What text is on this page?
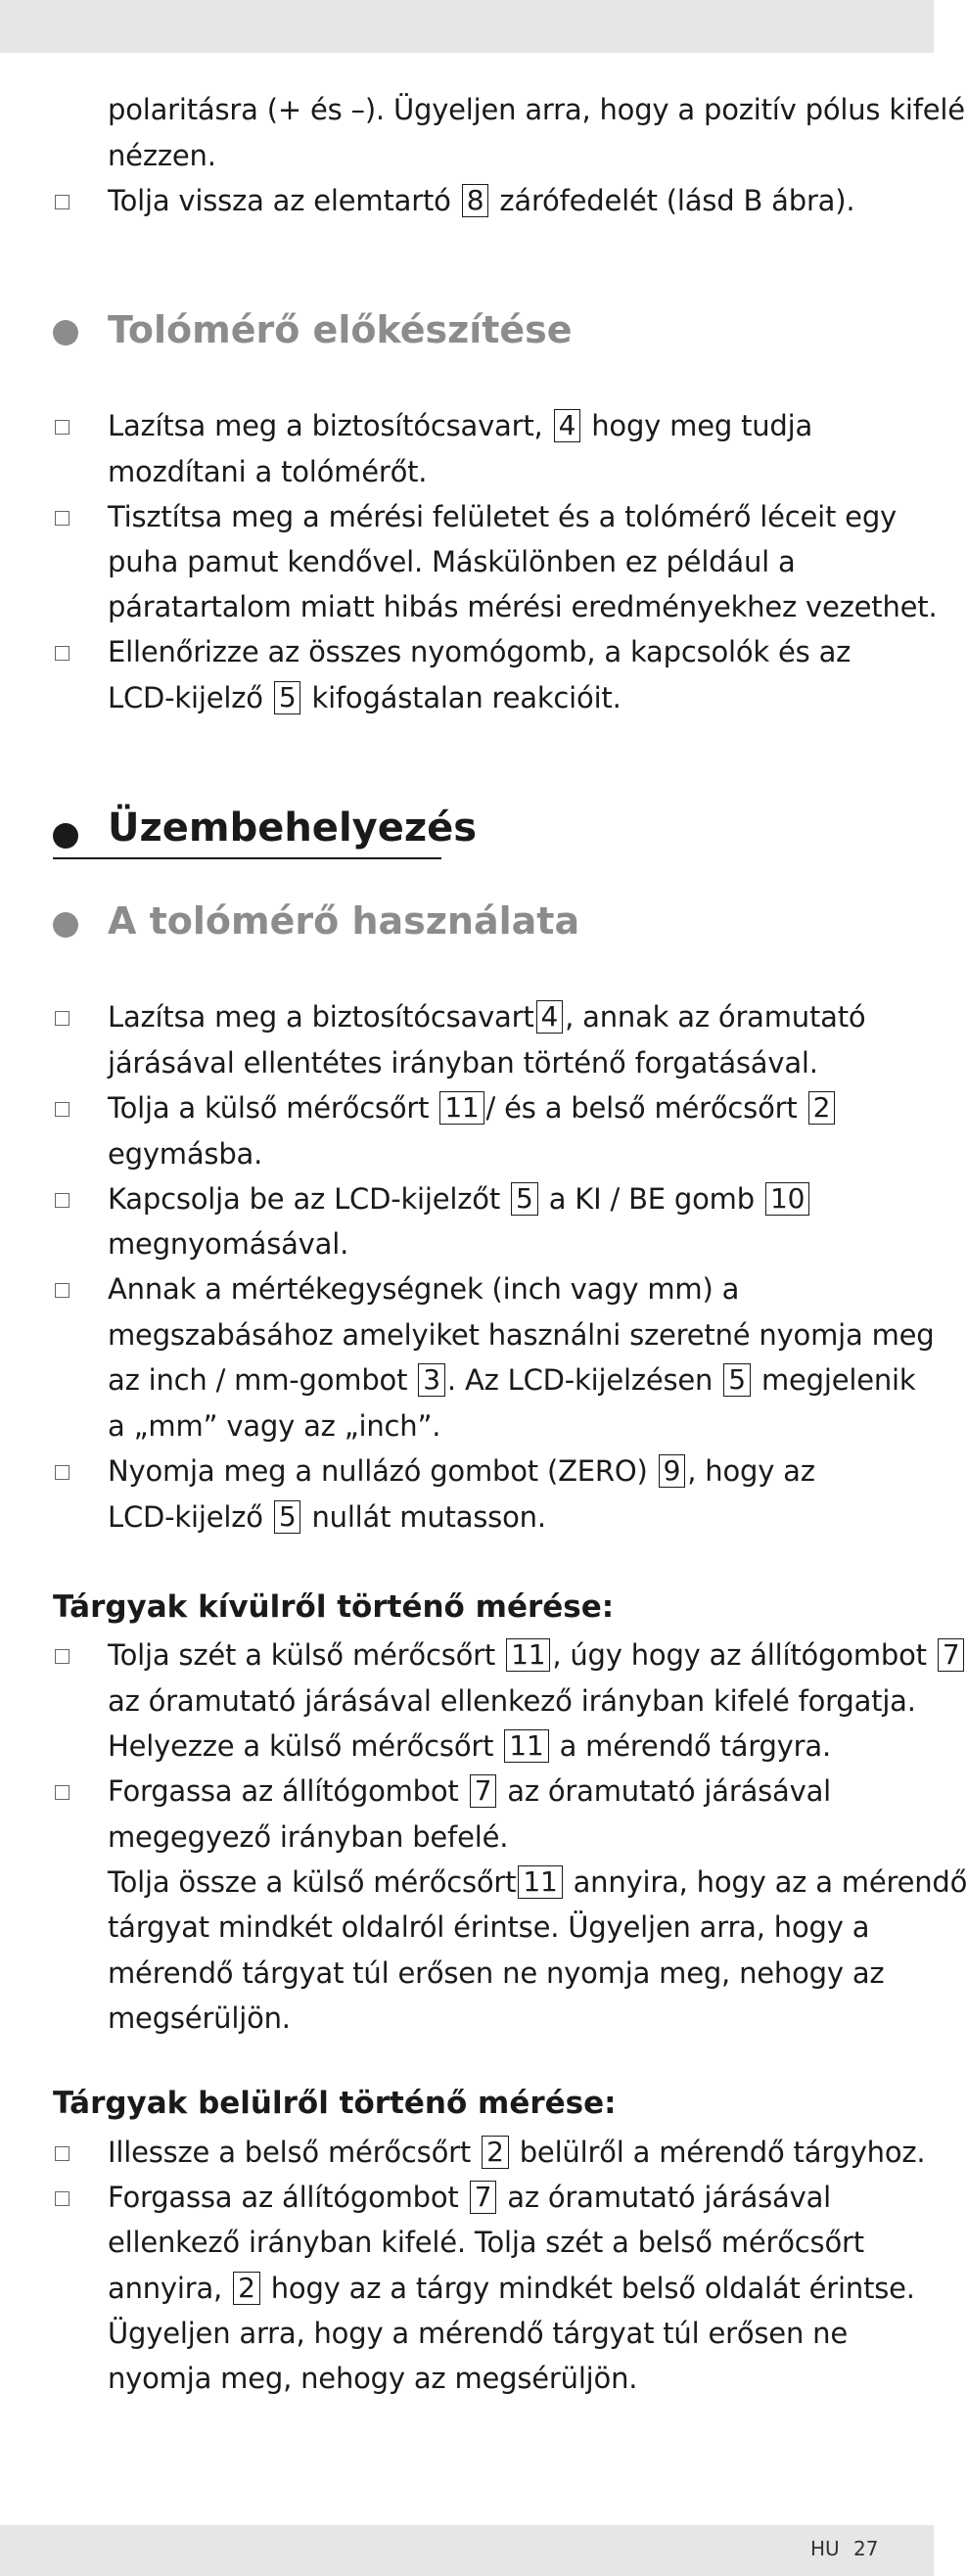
polaritásra (+ és –). Ügyeljen arra, hogy a pozitív pólus kifelé
nézzen.
Tolja vissza az elemtartó 8 zárófedelét (lásd B ábra).
Tolómérő előkészítése
Lazítsa meg a biztosítócsavart, 4 hogy meg tudja
mozdítani a tolómérőt.
Tisztítsa meg a mérési felületet és a tolómérő léceit egy
puha pamut kendővel. Máskülönben ez például a
páratartalom miatt hibás mérési eredményekhez vezethet.
Ellenőrizze az összes nyomógomb, a kapcsolók és az
LCD-kijelző 5 kifogástalan reakcióit.
Üzembehelyezés
A tolómérő használata
Lazítsa meg a biztosítócsavart 4 , annak az óramutató
járásával ellentétes irányban történő forgatásával.
Tolja a külső mérőcsőrt 11 / és a belső mérőcsőrt 2
egymásba.
Kapcsolja be az LCD-kijelzőt 5 a KI / BE gomb 10
megnyomásával.
Annak a mértékegységnek (inch vagy mm) a
megszabásához amelyiket használni szeretné nyomja meg
az inch / mm-gombot 3 . Az LCD-kijelzésen 5 megjelenik
a „mm” vagy az „inch”.
Nyomja meg a nullázó gombot (ZERO) 9 , hogy az
LCD-kijelző 5 nullát mutasson.
Tárgyak kívülről történő mérése:
Tolja szét a külső mérőcsőrt 11 , úgy hogy az állítógombot 7
az óramutató járásával ellenkező irányban kifelé forgatja.
Helyezze a külső mérőcsőrt 11 a mérendő tárgyra.
Forgassa az állítógombot 7 az óramutató járásával
megegyező irányban befelé.
Tolja össze a külső mérőcsőrt 11 annyira, hogy az a mérendő
tárgyat mindkét oldalról érintse. Ügyeljen arra, hogy a
mérendő tárgyat túl erősen ne nyomja meg, nehogy az
megsérüljön.
Tárgyak belülről történő mérése:
Illessze a belső mérőcsőrt 2 belülről a mérendő tárgyhoz.
Forgassa az állítógombot 7 az óramutató járásával
ellenkező irányban kifelé. Tolja szét a belső mérőcsőrt
annyira, 2 hogy az a tárgy mindkét belső oldalát érintse.
Ügyeljen arra, hogy a mérendő tárgyat túl erősen ne
nyomja meg, nehogy az megsérüljön.
HU 27
